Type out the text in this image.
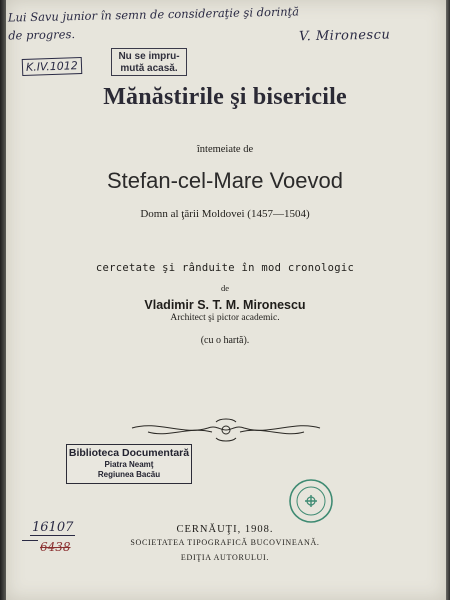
Lui Savu junior în semn de consideraţie şi dorinţă
de progres.	V. Mironescu
K.IV.1012
Nu se impru-
mută acasă.
Mănăstirile şi bisericile
întemeiate de
Stefan-cel-Mare Voevod
Domn al ţării Moldovei (1457—1504)
cercetate şi rânduite în mod cronologic
de
Vladimir S. T. M. Mironescu
Architect şi pictor academic.
(cu o hartă).
Biblioteca Documentară
Piatra Neamţ
Regiunea Bacău
16107
6438
CERNĂUŢI, 1908.
SOCIETATEA TIPOGRAFICĂ BUCOVINEANĂ.
EDIŢIA AUTORULUI.
